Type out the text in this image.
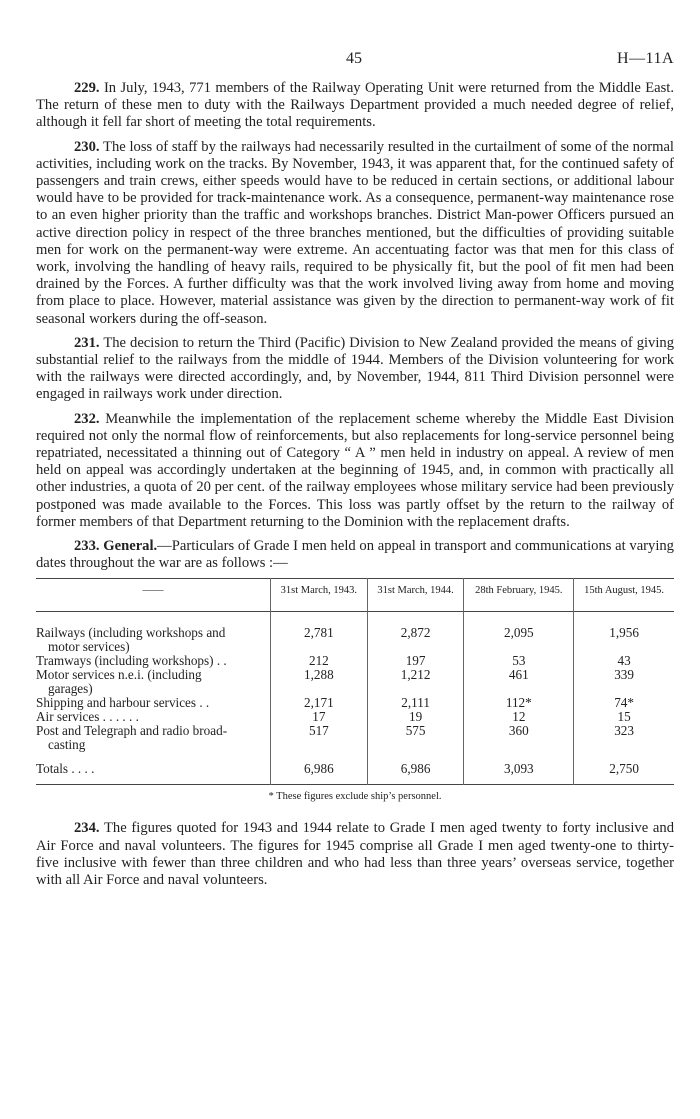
45	H—11A

229. In July, 1943, 771 members of the Railway Operating Unit were returned from the Middle East. The return of these men to duty with the Railways Department provided a much needed degree of relief, although it fell far short of meeting the total requirements.

230. The loss of staff by the railways had necessarily resulted in the curtailment of some of the normal activities, including work on the tracks. By November, 1943, it was apparent that, for the continued safety of passengers and train crews, either speeds would have to be reduced in certain sections, or additional labour would have to be provided for track-maintenance work. As a consequence, permanent-way maintenance rose to an even higher priority than the traffic and workshops branches. District Man-power Officers pursued an active direction policy in respect of the three branches mentioned, but the difficulties of providing suitable men for work on the permanent-way were extreme. An accentuating factor was that men for this class of work, involving the handling of heavy rails, required to be physically fit, but the pool of fit men had been drained by the Forces. A further difficulty was that the work involved living away from home and moving from place to place. However, material assistance was given by the direction to permanent-way work of fit seasonal workers during the off-season.

231. The decision to return the Third (Pacific) Division to New Zealand provided the means of giving substantial relief to the railways from the middle of 1944. Members of the Division volunteering for work with the railways were directed accordingly, and, by November, 1944, 811 Third Division personnel were engaged in railways work under direction.

232. Meanwhile the implementation of the replacement scheme whereby the Middle East Division required not only the normal flow of reinforcements, but also replacements for long-service personnel being repatriated, necessitated a thinning out of Category “ A ” men held in industry on appeal. A review of men held on appeal was accordingly undertaken at the beginning of 1945, and, in common with practically all other industries, a quota of 20 per cent. of the railway employees whose military service had been previously postponed was made available to the Forces. This loss was partly offset by the return to the railway of former members of that Department returning to the Dominion with the replacement drafts.

233. General.—Particulars of Grade I men held on appeal in transport and communications at varying dates throughout the war are as follows :—

——	31st March, 1943.	31st March, 1944.	28th February, 1945.	15th August, 1945.

Railways (including workshops and
motor services)	2,781	2,872	2,095	1,956
Tramways (including workshops) . .	212	197	53	43
Motor services n.e.i. (including
garages)	1,288	1,212	461	339
Shipping and harbour services . .	2,171	2,111	112*	74*
Air services . . . . . .	17	19	12	15
Post and Telegraph and radio broad-
casting	517	575	360	323
Totals . . . .	6,986	6,986	3,093	2,750
* These figures exclude ship’s personnel.

234. The figures quoted for 1943 and 1944 relate to Grade I men aged twenty to forty inclusive and Air Force and naval volunteers. The figures for 1945 comprise all Grade I men aged twenty-one to thirty-five inclusive with fewer than three children and who had less than three years’ overseas service, together with all Air Force and naval volunteers.
